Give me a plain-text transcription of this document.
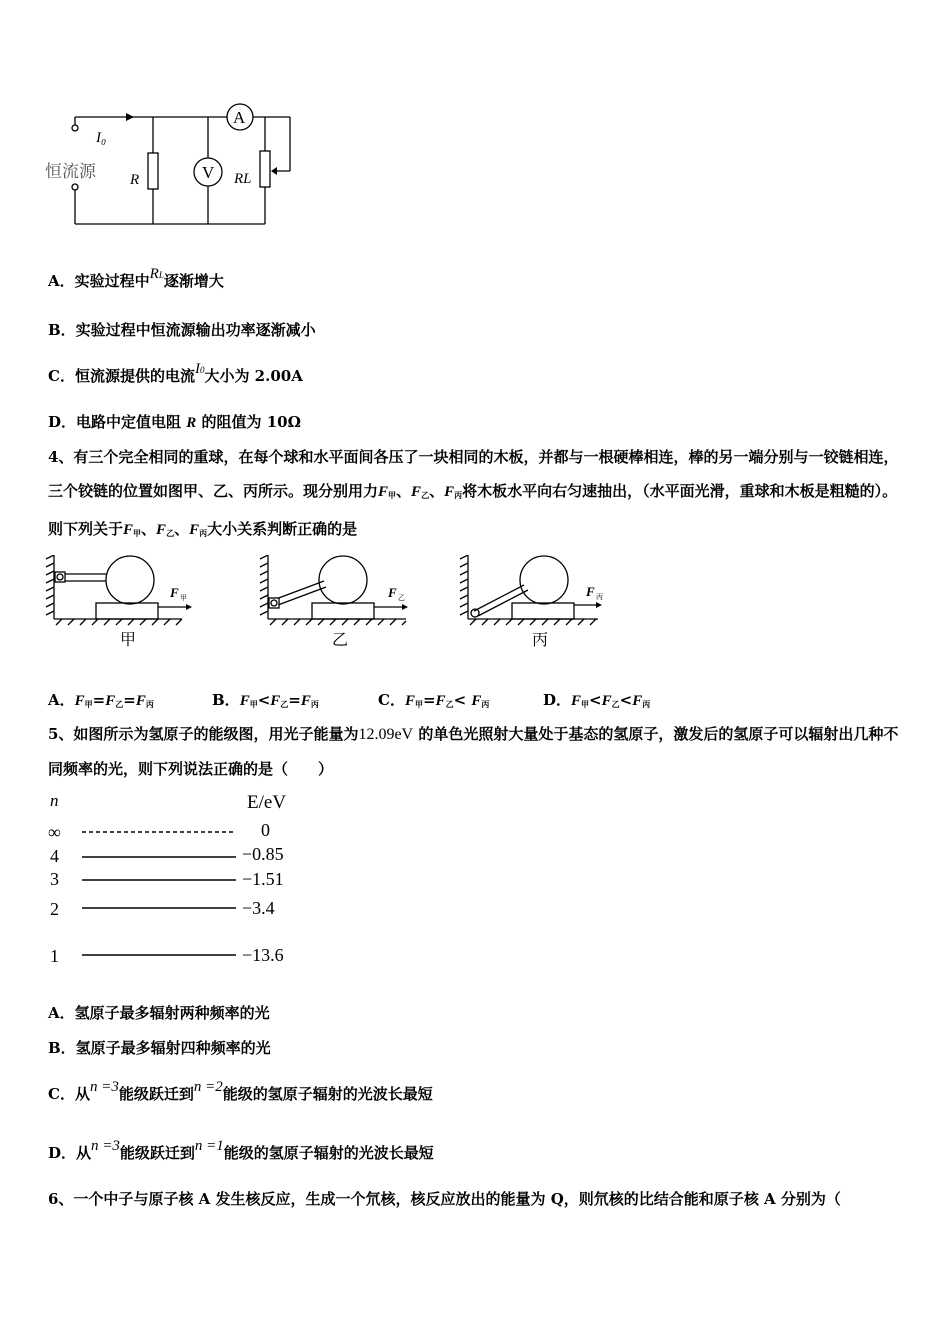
I₀
恒流源 R	RL
V
A
A．实验过程中$R^L$逐渐增大
B．实验过程中恒流源输出功率逐渐减小
C．恒流源提供的电流$I^0$大小为 2.00A
D．电路中定值电阻 R 的阻值为 10Ω
4、有三个完全相同的重球，在每个球和水平面间各压了一块相同的木板，并都与一根硬棒相连，棒的另一端分别与一铰链相连，三个铰链的位置如图甲、乙、丙所示。现分别用力$F_甲$、$F_乙$、$F_丙$将木板水平向右匀速抽出，（水平面光滑，重球和木板是粗糙的）。则下列关于$F_甲$、$F_乙$、$F_丙$大小关系判断正确的是
F 甲
甲
F 乙
乙
F 丙
丙
A．$F_甲=F_乙=F_丙$	B．$F_甲<F_乙=F_丙$	C．$F_甲=F_乙< F_丙$	D．$F_甲<F_乙<F_丙$
5、如图所示为氢原子的能级图，用光子能量为12.09eV 的单色光照射大量处于基态的氢原子，激发后的氢原子可以辐射出几种不同频率的光，则下列说法正确的是（　　）
n	E/eV
∞	0
4	−0.85
3	−1.51
2	−3.4
1	−13.6
A．氢原子最多辐射两种频率的光
B．氢原子最多辐射四种频率的光
C．从n =3能级跃迁到n =2能级的氢原子辐射的光波长最短
D．从n =3能级跃迁到n =1能级的氢原子辐射的光波长最短
6、一个中子与原子核 A 发生核反应，生成一个氘核，核反应放出的能量为 Q，则氘核的比结合能和原子核 A 分别为（
